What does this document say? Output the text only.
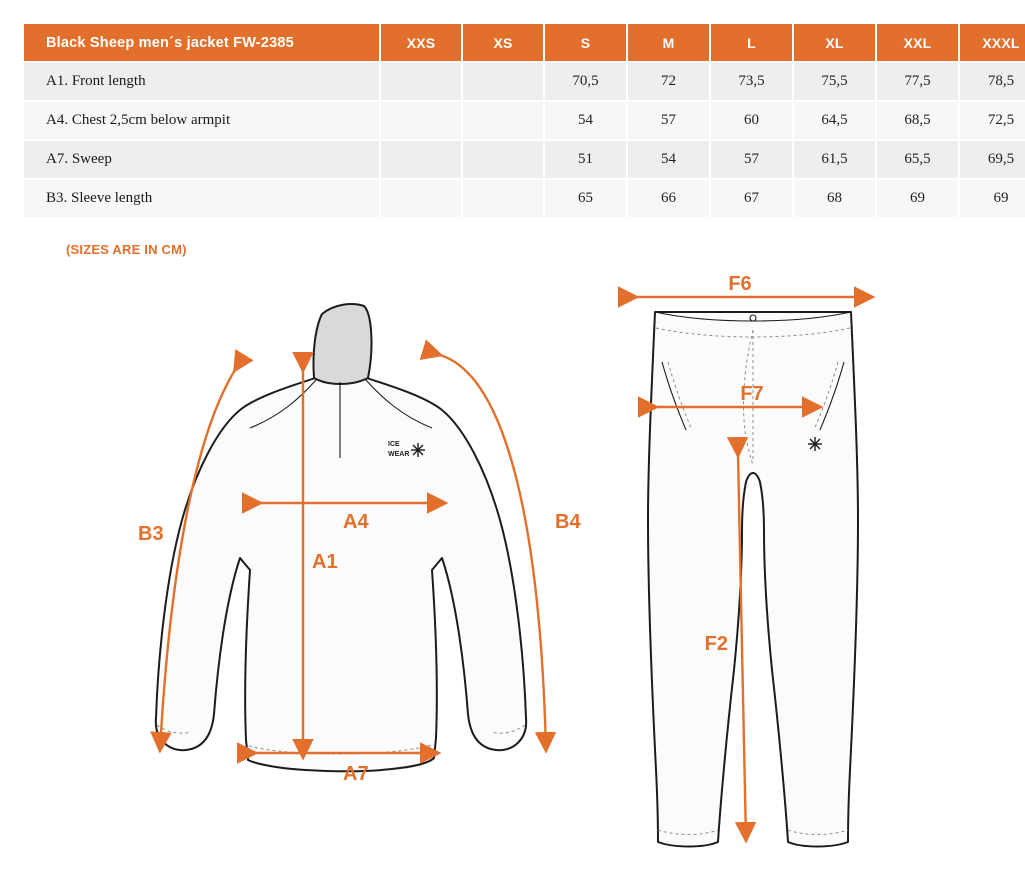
Black Sheep men´s jacket FW-2385	XXS	XS	S	M	L	XL	XXL	XXXL
A1. Front length			70,5	72	73,5	75,5	77,5	78,5
A4. Chest 2,5cm below armpit			54	57	60	64,5	68,5	72,5
A7. Sweep			51	54	57	61,5	65,5	69,5
B3. Sleeve length			65	66	67	68	69	69
(SIZES ARE IN CM)
ICE
WEAR
B3
B4
A4
A1
A7
F6
F7
F2
